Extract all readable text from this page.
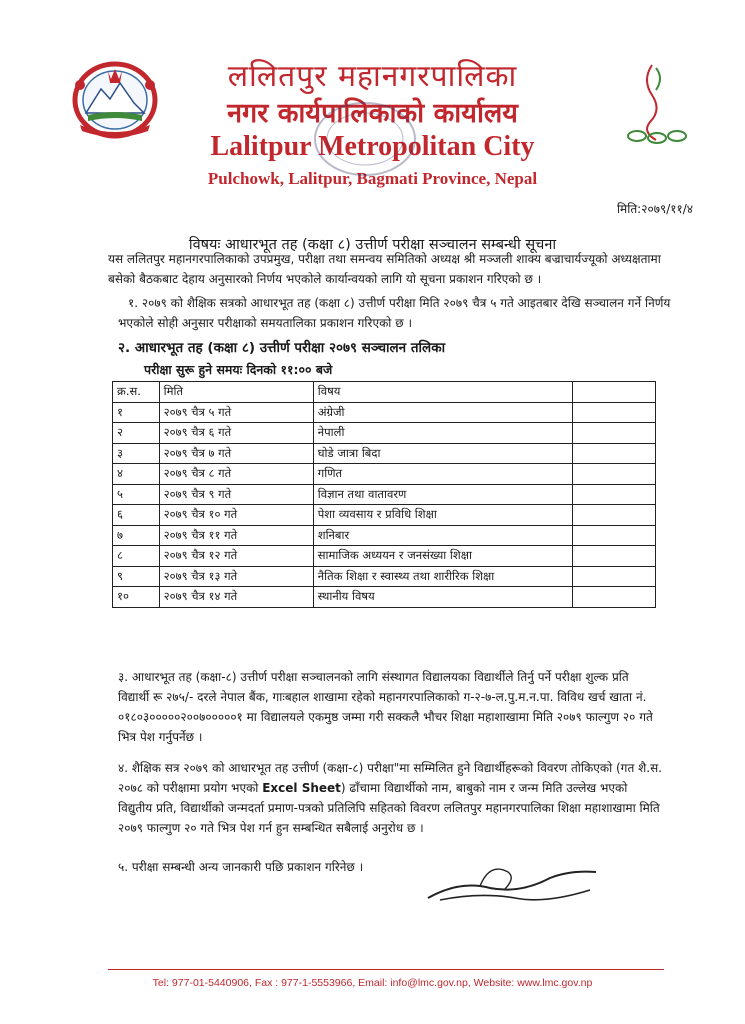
ललितपुर महानगरपालिका
नगर कार्यपालिकाको कार्यालय
Lalitpur Metropolitan City
Pulchowk, Lalitpur, Bagmati Province, Nepal
मिति:२०७९/११/४
विषयः आधारभूत तह (कक्षा ८) उत्तीर्ण परीक्षा सञ्चालन सम्बन्धी सूचना
यस ललितपुर महानगरपालिकाको उपप्रमुख, परीक्षा तथा समन्वय समितिको अध्यक्ष श्री मञ्जली शाक्य बज्राचार्यज्यूको अध्यक्षतामा बसेको बैठकबाट देहाय अनुसारको निर्णय भएकोले कार्यान्वयको लागि यो सूचना प्रकाशन गरिएको छ ।
१. २०७९ को शैक्षिक सत्रको आधारभूत तह (कक्षा ८) उत्तीर्ण परीक्षा मिति २०७९ चैत्र ५ गते आइतबार देखि सञ्चालन गर्ने निर्णय भएकोले सोही अनुसार परीक्षाको समयतालिका प्रकाशन गरिएको छ ।
२. आधारभूत तह (कक्षा ८) उत्तीर्ण परीक्षा २०७९ सञ्चालन तलिका
परीक्षा सुरू हुने समयः दिनको ११:०० बजे
क्र.स.	मिति	विषय	
१	२०७९ चैत्र ५ गते	अंग्रेजी	
२	२०७९ चैत्र ६ गते	नेपाली	
३	२०७९ चैत्र ७ गते	घोडे जात्रा बिदा	
४	२०७९ चैत्र ८ गते	गणित	
५	२०७९ चैत्र ९ गते	विज्ञान तथा वातावरण	
६	२०७९ चैत्र १० गते	पेशा व्यवसाय र प्रविधि शिक्षा	
७	२०७९ चैत्र ११ गते	शनिबार	
८	२०७९ चैत्र १२ गते	सामाजिक अध्ययन र जनसंख्या शिक्षा	
९	२०७९ चैत्र १३ गते	नैतिक शिक्षा र स्वास्थ्य तथा शारीरिक शिक्षा	
१०	२०७९ चैत्र १४ गते	स्थानीय विषय	
३. आधारभूत तह (कक्षा-८) उत्तीर्ण परीक्षा सञ्चालनको लागि संस्थागत विद्यालयका विद्यार्थीले तिर्नु पर्ने परीक्षा शुल्क प्रति विद्यार्थी रू २७५/- दरले नेपाल बैंक, गाःबहाल शाखामा रहेको महानगरपालिकाको ग-२-७-ल.पु.म.न.पा. विविध खर्च खाता नं. ०१८०३०००००२००७०००००१ मा विद्यालयले एकमुष्ठ जम्मा गरी सक्कलै भौचर शिक्षा महाशाखामा मिति २०७९ फाल्गुण २० गते भित्र पेश गर्नुपर्नेछ ।
४. शैक्षिक सत्र २०७९ को आधारभूत तह उत्तीर्ण (कक्षा-८) परीक्षा"मा सम्मिलित हुने विद्यार्थीहरूको विवरण तोकिएको (गत शै.स. २०७८ को परीक्षामा प्रयोग भएको Excel Sheet) ढाँचामा विद्यार्थीको नाम, बाबुको नाम र जन्म मिति उल्लेख भएको विद्युतीय प्रति, विद्यार्थीको जन्मदर्ता प्रमाण-पत्रको प्रतिलिपि सहितको विवरण ललितपुर महानगरपालिका शिक्षा महाशाखामा मिति २०७९ फाल्गुण २० गते भित्र पेश गर्न हुन सम्बन्धित सबैलाई अनुरोध छ ।
५. परीक्षा सम्बन्धी अन्य जानकारी पछि प्रकाशन गरिनेछ ।
Tel: 977-01-5440906, Fax : 977-1-5553966, Email: info@lmc.gov.np, Website: www.lmc.gov.np
